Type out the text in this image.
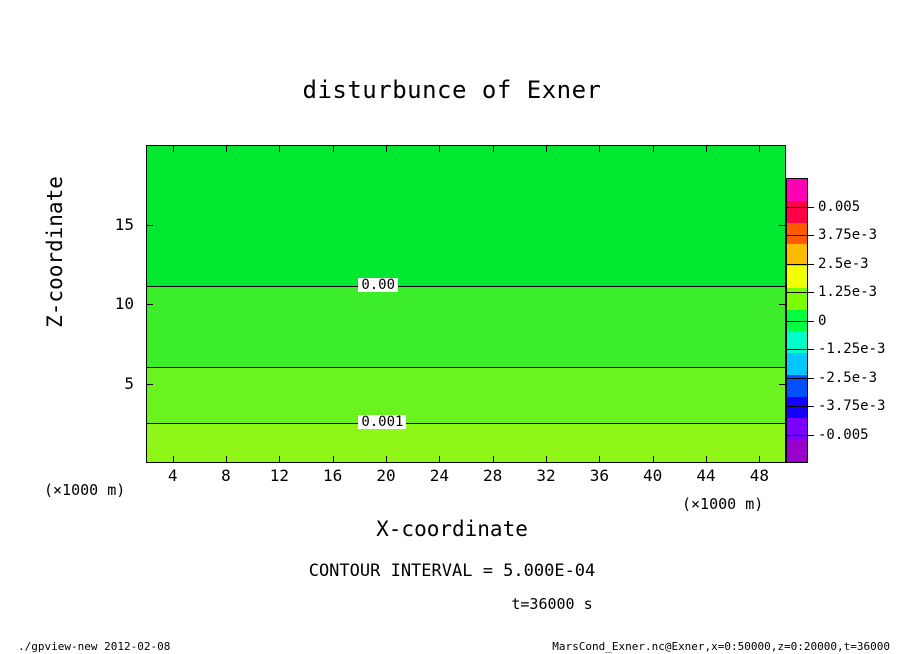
disturbunce of Exner
0.00
0.001
4	8	12	16	20	24	28	32	36	40	44	48
5
10
15
(×1000 m)
(×1000 m)
X-coordinate
Z-coordinate	0.005
3.75e-3
2.5e-3
1.25e-3
0
-1.25e-3
-2.5e-3
-3.75e-3
-0.005
CONTOUR INTERVAL = 5.000E-04
t=36000 s
./gpview-new 2012-02-08	MarsCond_Exner.nc@Exner,x=0:50000,z=0:20000,t=36000
